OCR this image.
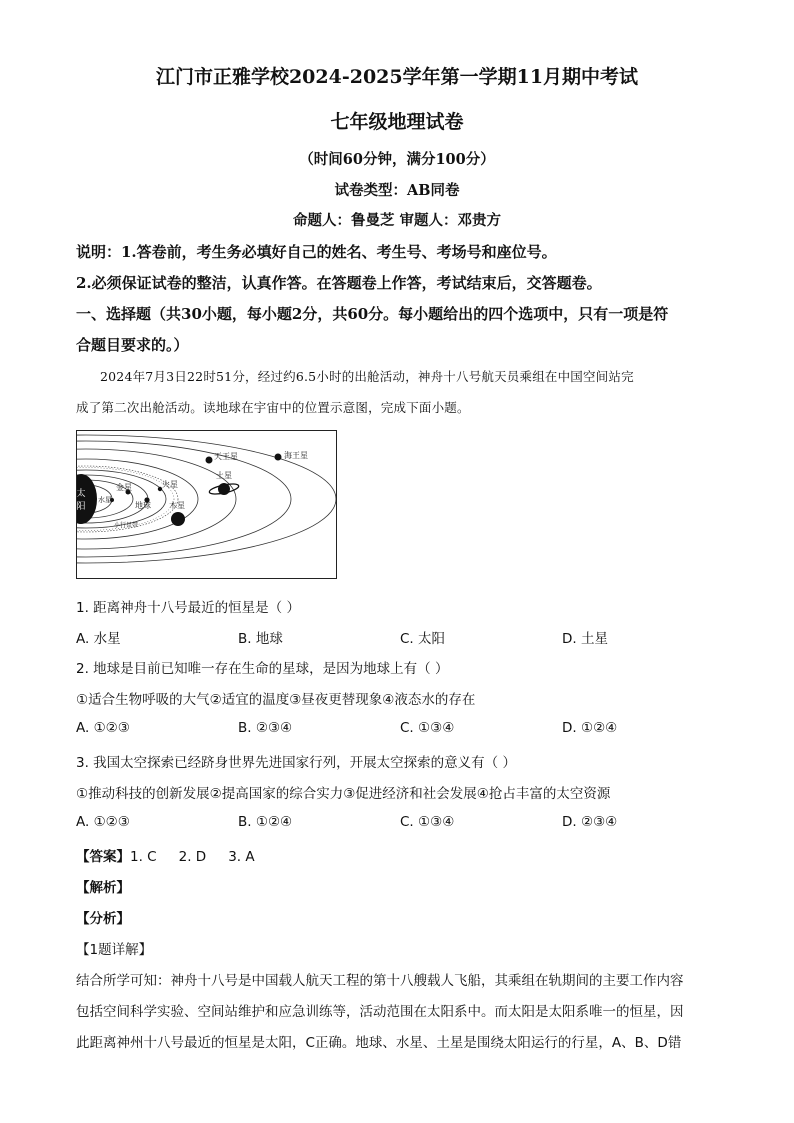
江门市正雅学校2024-2025学年第一学期11月期中考试
七年级地理试卷
（时间60分钟，满分100分）
试卷类型：AB同卷
命题人：鲁曼芝 审题人：邓贵方
说明：1.答卷前，考生务必填好自己的姓名、考生号、考场号和座位号。
2.必须保证试卷的整洁，认真作答。在答题卷上作答，考试结束后，交答题卷。
一、选择题（共30小题，每小题2分，共60分。每小题给出的四个选项中，只有一项是符
合题目要求的。）
2024年7月3日22时51分，经过约6.5小时的出舱活动，神舟十八号航天员乘组在中国空间站完
成了第二次出舱活动。读地球在宇宙中的位置示意图，完成下面小题。
太
阳
水星
金星
地球
火星
木星
土星
天王星	海王星
小行星带
1. 距离神舟十八号最近的恒星是（ ）
A. 水星	B. 地球	C. 太阳	D. 土星
2. 地球是目前已知唯一存在生命的星球，是因为地球上有（ ）
①适合生物呼吸的大气②适宜的温度③昼夜更替现象④液态水的存在
A. ①②③	B. ②③④	C. ①③④	D. ①②④
3. 我国太空探索已经跻身世界先进国家行列，开展太空探索的意义有（ ）
①推动科技的创新发展②提高国家的综合实力③促进经济和社会发展④抢占丰富的太空资源
A. ①②③	B. ①②④	C. ①③④	D. ②③④
【答案】1. C 2. D 3. A
【解析】
【分析】
【1题详解】
结合所学可知：神舟十八号是中国载人航天工程的第十八艘载人飞船，其乘组在轨期间的主要工作内容
包括空间科学实验、空间站维护和应急训练等，活动范围在太阳系中。而太阳是太阳系唯一的恒星，因
此距离神州十八号最近的恒星是太阳，C正确。地球、水星、土星是围绕太阳运行的行星，A、B、D错
